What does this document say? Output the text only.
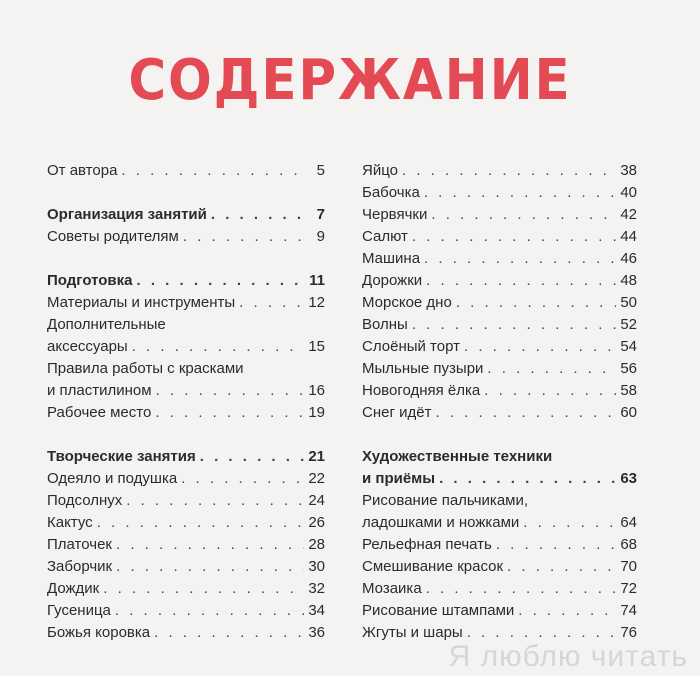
СОДЕРЖАНИЕ
От автора . . .	5
Организация занятий . . .	7
Советы родителям . . .	9
Подготовка . . .	11
Материалы и инструменты . . .	12
Дополнительные
аксессуары . . .	15
Правила работы с красками
и пластилином . . .	16
Рабочее место . . .	19
Творческие занятия . . .	21
Одеяло и подушка . . .	22
Подсолнух . . .	24
Кактус . . .	26
Платочек . . .	28
Заборчик . . .	30
Дождик . . .	32
Гусеница . . .	34
Божья коровка . . .	36
Яйцо . . .	38
Бабочка . . .	40
Червячки . . .	42
Салют . . .	44
Машина . . .	46
Дорожки . . .	48
Морское дно . . .	50
Волны . . .	52
Слоёный торт . . .	54
Мыльные пузыри . . .	56
Новогодняя ёлка . . .	58
Снег идёт . . .	60
Художественные техники
и приёмы . . .	63
Рисование пальчиками,
ладошками и ножками . . .	64
Рельефная печать . . .	68
Смешивание красок . . .	70
Мозаика . . .	72
Рисование штампами . . .	74
Жгуты и шары . . .	76
Я люблю читать
